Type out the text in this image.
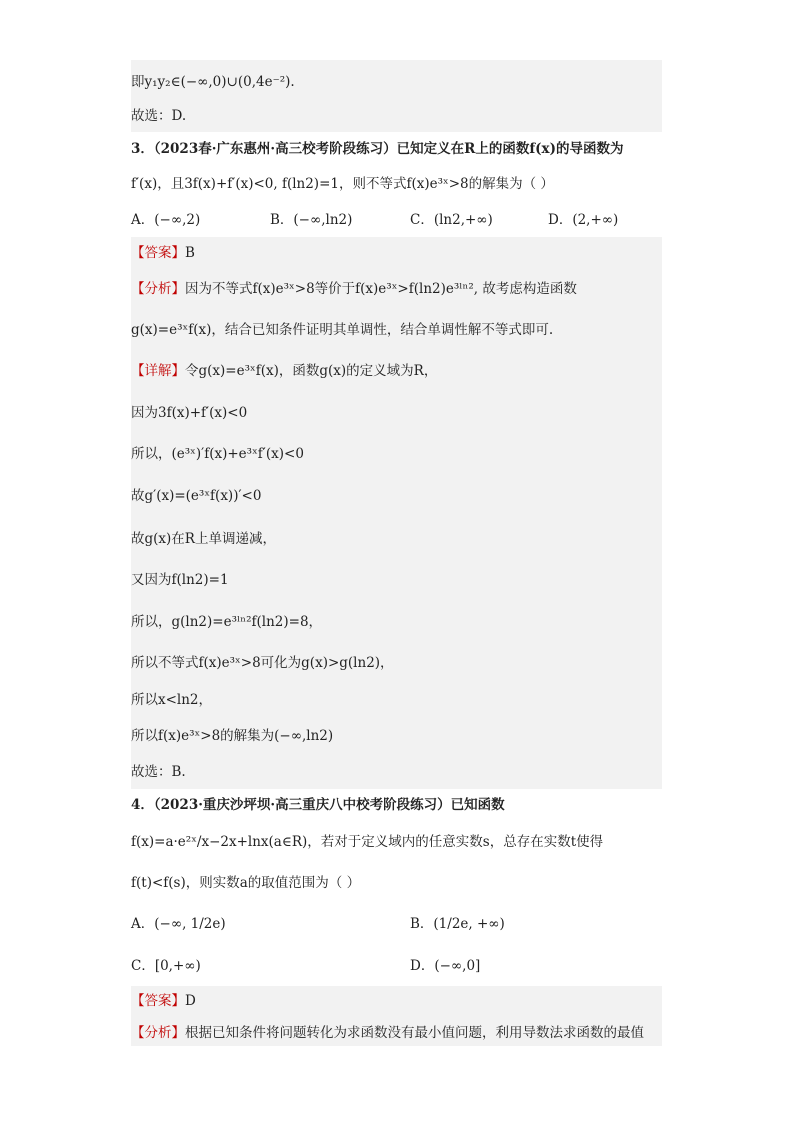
即y₁y₂∈(−∞,0)∪(0,4e⁻²).
故选：D.
3．（2023春·广东惠州·高三校考阶段练习）已知定义在R上的函数f(x)的导函数为
f′(x)，且3f(x)+f′(x)<0, f(ln2)=1，则不等式f(x)e³ˣ>8的解集为（ ）
A．(−∞,2)	B．(−∞,ln2)	C．(ln2,+∞)	D．(2,+∞)
【答案】B
【分析】因为不等式f(x)e³ˣ>8等价于f(x)e³ˣ>f(ln2)e³ˡⁿ², 故考虑构造函数
g(x)=e³ˣf(x)，结合已知条件证明其单调性，结合单调性解不等式即可.
【详解】令g(x)=e³ˣf(x)，函数g(x)的定义域为R，
因为3f(x)+f′(x)<0
所以，(e³ˣ)′f(x)+e³ˣf′(x)<0
故g′(x)=(e³ˣf(x))′<0
故g(x)在R上单调递减，
又因为f(ln2)=1
所以，g(ln2)=e³ˡⁿ²f(ln2)=8，
所以不等式f(x)e³ˣ>8可化为g(x)>g(ln2)，
所以x<ln2，
所以f(x)e³ˣ>8的解集为(−∞,ln2)
故选：B.
4．（2023·重庆沙坪坝·高三重庆八中校考阶段练习）已知函数
f(x)=a·e²ˣ/x−2x+lnx(a∈R)，若对于定义域内的任意实数s，总存在实数t使得
f(t)<f(s)，则实数a的取值范围为（ ）
A．(−∞, 1/2e)	B．(1/2e, +∞)
C．[0,+∞)	D．(−∞,0]
【答案】D
【分析】根据已知条件将问题转化为求函数没有最小值问题，利用导数法求函数的最值
